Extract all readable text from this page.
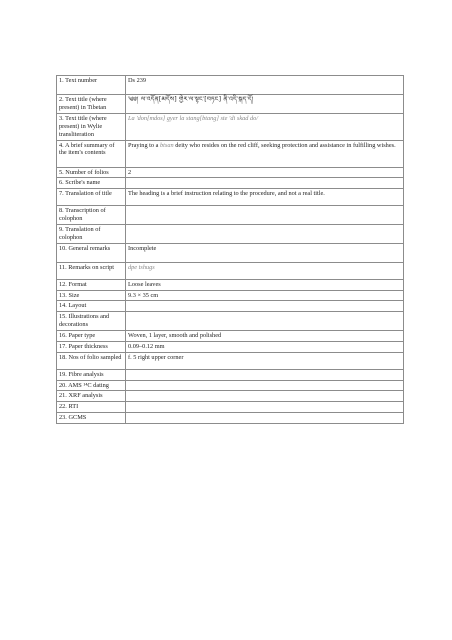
1. Text number	Ds 239
2. Text title (where present) in Tibetan	༄༅། ལ་འདོན[མདོས] གྱེར་ལ་སྟང་[བཏང] ནི་འདི་སྐད་དོ།
3. Text title (where present) in Wylie transliteration	La 'don[mdos] gyer la stang[btang] ste 'di skad do/
4. A brief summary of the item's contents	Praying to a btsan deity who resides on the red cliff, seeking protection and assistance in fulfilling wishes.
5. Number of folios	2
6. Scribe's name	
7. Translation of title	The heading is a brief instruction relating to the procedure, and not a real title.
8. Transcription of colophon	
9. Translation of colophon	
10. General remarks	Incomplete
11. Remarks on script	dpe tshugs
12. Format	Loose leaves
13. Size	9.3 × 35 cm
14. Layout	
15. Illustrations and decorations	
16. Paper type	Woven, 1 layer, smooth and polished
17. Paper thickness	0.09–0.12 mm
18. Nos of folio sampled	f. 5 right upper corner
19. Fibre analysis	
20. AMS ¹⁴C dating	
21. XRF analysis	
22. RTI	
23. GCMS	
